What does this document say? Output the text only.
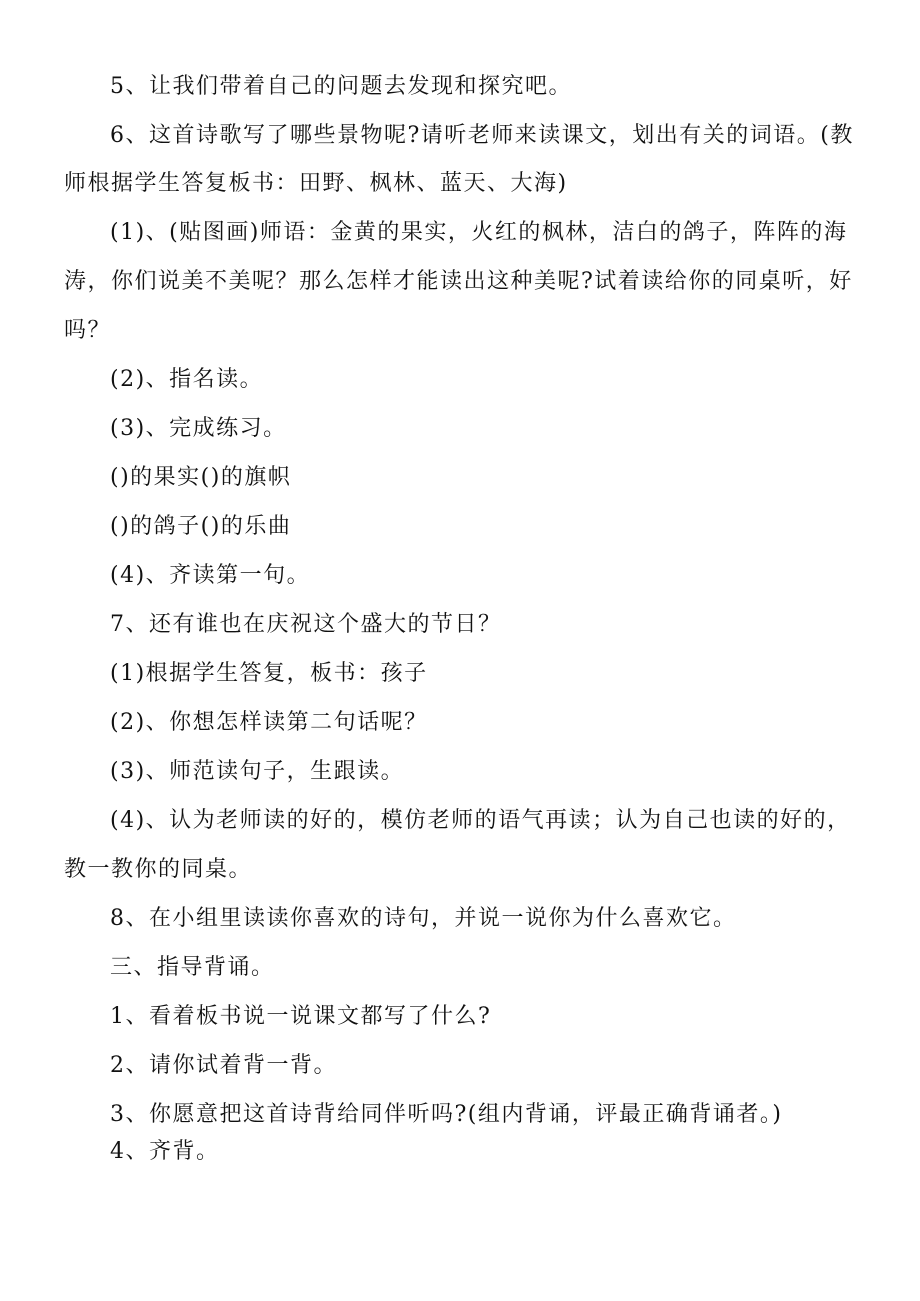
5、让我们带着自己的问题去发现和探究吧。

6、这首诗歌写了哪些景物呢?请听老师来读课文，划出有关的词语。(教

师根据学生答复板书：田野、枫林、蓝天、大海)

(1)、(贴图画)师语：金黄的果实，火红的枫林，洁白的鸽子，阵阵的海

涛，你们说美不美呢？那么怎样才能读出这种美呢?试着读给你的同桌听，好

吗？

(2)、指名读。

(3)、完成练习。

()的果实()的旗帜

()的鸽子()的乐曲

(4)、齐读第一句。

7、还有谁也在庆祝这个盛大的节日？

(1)根据学生答复，板书：孩子

(2)、你想怎样读第二句话呢？

(3)、师范读句子，生跟读。

(4)、认为老师读的好的，模仿老师的语气再读；认为自己也读的好的，

教一教你的同桌。

8、在小组里读读你喜欢的诗句，并说一说你为什么喜欢它。

三、指导背诵。

1、看着板书说一说课文都写了什么?

2、请你试着背一背。

3、你愿意把这首诗背给同伴听吗?(组内背诵，评最正确背诵者。)

4、齐背。
